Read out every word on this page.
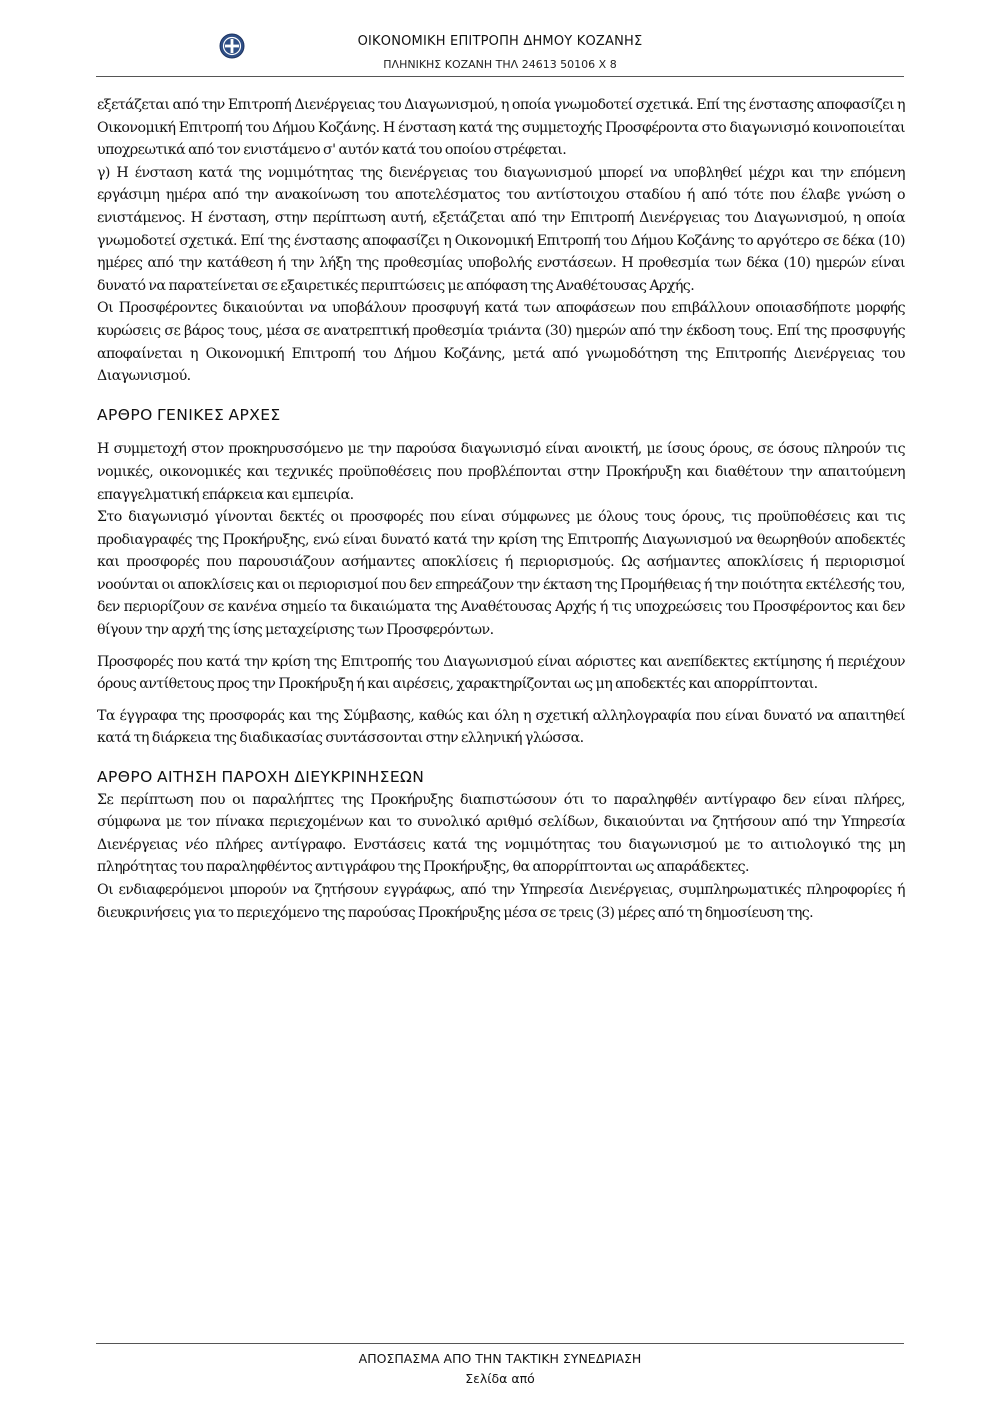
ΟΙΚΟΝΟΜΙΚΗ ΕΠΙΤΡΟΠΗ ΔΗΜΟΥ ΚΟΖΑΝΗΣ
ΠΛΗΝΙΚΗΣ ΚΟΖΑΝΗ ΤΗΛ 24613 50106 Χ 8

εξετάζεται από την Επιτροπή Διενέργειας του Διαγωνισμού, η οποία γνωμοδοτεί σχετικά. Επί της ένστασης αποφασίζει η Οικονομική Επιτροπή του Δήμου Κοζάνης. Η ένσταση κατά της συμμετοχής Προσφέροντα στο διαγωνισμό κοινοποιείται υποχρεωτικά από τον ενιστάμενο σ' αυτόν κατά του οποίου στρέφεται.

γ) Η ένσταση κατά της νομιμότητας της διενέργειας του διαγωνισμού μπορεί να υποβληθεί μέχρι και την επόμενη εργάσιμη ημέρα από την ανακοίνωση του αποτελέσματος του αντίστοιχου σταδίου ή από τότε που έλαβε γνώση ο ενιστάμενος. Η ένσταση, στην περίπτωση αυτή, εξετάζεται από την Επιτροπή Διενέργειας του Διαγωνισμού, η οποία γνωμοδοτεί σχετικά. Επί της ένστασης αποφασίζει η Οικονομική Επιτροπή του Δήμου Κοζάνης το αργότερο σε δέκα (10) ημέρες από την κατάθεση ή την λήξη της προθεσμίας υποβολής ενστάσεων. Η προθεσμία των δέκα (10) ημερών είναι δυνατό να παρατείνεται σε εξαιρετικές περιπτώσεις με απόφαση της Αναθέτουσας Αρχής.

Οι Προσφέροντες δικαιούνται να υποβάλουν προσφυγή κατά των αποφάσεων που επιβάλλουν οποιασδήποτε μορφής κυρώσεις σε βάρος τους, μέσα σε ανατρεπτική προθεσμία τριάντα (30) ημερών από την έκδοση τους. Επί της προσφυγής αποφαίνεται η Οικονομική Επιτροπή του Δήμου Κοζάνης, μετά από γνωμοδότηση της Επιτροπής Διενέργειας του Διαγωνισμού.

ΑΡΘΡΟ ΓΕΝΙΚΕΣ ΑΡΧΕΣ

Η συμμετοχή στον προκηρυσσόμενο με την παρούσα διαγωνισμό είναι ανοικτή, με ίσους όρους, σε όσους πληρούν τις νομικές, οικονομικές και τεχνικές προϋποθέσεις που προβλέπονται στην Προκήρυξη και διαθέτουν την απαιτούμενη επαγγελματική επάρκεια και εμπειρία.

Στο διαγωνισμό γίνονται δεκτές οι προσφορές που είναι σύμφωνες με όλους τους όρους, τις προϋποθέσεις και τις προδιαγραφές της Προκήρυξης, ενώ είναι δυνατό κατά την κρίση της Επιτροπής Διαγωνισμού να θεωρηθούν αποδεκτές και προσφορές που παρουσιάζουν ασήμαντες αποκλίσεις ή περιορισμούς. Ως ασήμαντες αποκλίσεις ή περιορισμοί νοούνται οι αποκλίσεις και οι περιορισμοί που δεν επηρεάζουν την έκταση της Προμήθειας ή την ποιότητα εκτέλεσής του, δεν περιορίζουν σε κανένα σημείο τα δικαιώματα της Αναθέτουσας Αρχής ή τις υποχρεώσεις του Προσφέροντος και δεν θίγουν την αρχή της ίσης μεταχείρισης των Προσφερόντων.

Προσφορές που κατά την κρίση της Επιτροπής του Διαγωνισμού είναι αόριστες και ανεπίδεκτες εκτίμησης ή περιέχουν όρους αντίθετους προς την Προκήρυξη ή και αιρέσεις, χαρακτηρίζονται ως μη αποδεκτές και απορρίπτονται.

Τα έγγραφα της προσφοράς και της Σύμβασης, καθώς και όλη η σχετική αλληλογραφία που είναι δυνατό να απαιτηθεί κατά τη διάρκεια της διαδικασίας συντάσσονται στην ελληνική γλώσσα.

ΑΡΘΡΟ ΑΙΤΗΣΗ ΠΑΡΟΧΗ ΔΙΕΥΚΡΙΝΗΣΕΩΝ

Σε περίπτωση που οι παραλήπτες της Προκήρυξης διαπιστώσουν ότι το παραληφθέν αντίγραφο δεν είναι πλήρες, σύμφωνα με τον πίνακα περιεχομένων και το συνολικό αριθμό σελίδων, δικαιούνται να ζητήσουν από την Υπηρεσία Διενέργειας νέο πλήρες αντίγραφο. Ενστάσεις κατά της νομιμότητας του διαγωνισμού με το αιτιολογικό της μη πληρότητας του παραληφθέντος αντιγράφου της Προκήρυξης, θα απορρίπτονται ως απαράδεκτες.

Οι ενδιαφερόμενοι μπορούν να ζητήσουν εγγράφως, από την Υπηρεσία Διενέργειας, συμπληρωματικές πληροφορίες ή διευκρινήσεις για το περιεχόμενο της παρούσας Προκήρυξης μέσα σε τρεις (3) μέρες από τη δημοσίευση της.

ΑΠΟΣΠΑΣΜΑ ΑΠΟ ΤΗΝ ΤΑΚΤΙΚΗ ΣΥΝΕΔΡΙΑΣΗ
Σελίδα από
